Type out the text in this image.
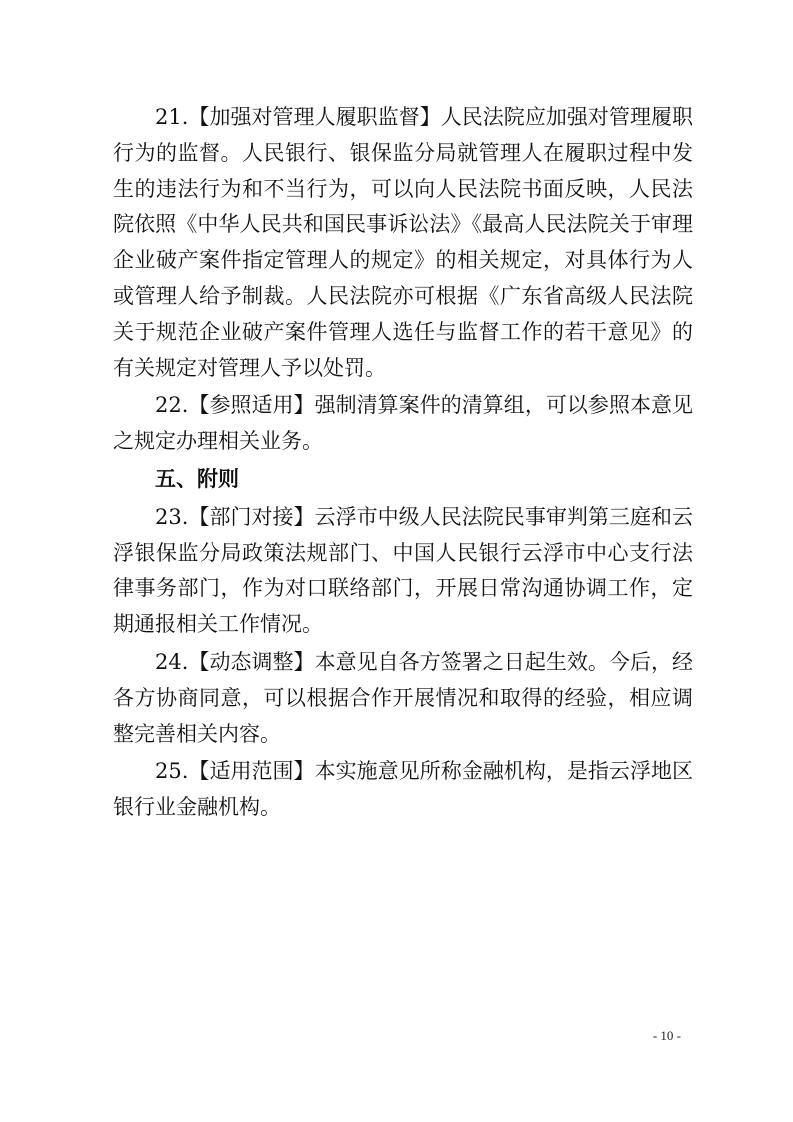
21.【加强对管理人履职监督】人民法院应加强对管理履职行为的监督。人民银行、银保监分局就管理人在履职过程中发生的违法行为和不当行为，可以向人民法院书面反映，人民法院依照《中华人民共和国民事诉讼法》《最高人民法院关于审理企业破产案件指定管理人的规定》的相关规定，对具体行为人或管理人给予制裁。人民法院亦可根据《广东省高级人民法院关于规范企业破产案件管理人选任与监督工作的若干意见》的有关规定对管理人予以处罚。

22.【参照适用】强制清算案件的清算组，可以参照本意见之规定办理相关业务。

五、附则

23.【部门对接】云浮市中级人民法院民事审判第三庭和云浮银保监分局政策法规部门、中国人民银行云浮市中心支行法律事务部门，作为对口联络部门，开展日常沟通协调工作，定期通报相关工作情况。

24.【动态调整】本意见自各方签署之日起生效。今后，经各方协商同意，可以根据合作开展情况和取得的经验，相应调整完善相关内容。

25.【适用范围】本实施意见所称金融机构，是指云浮地区银行业金融机构。

- 10 -
